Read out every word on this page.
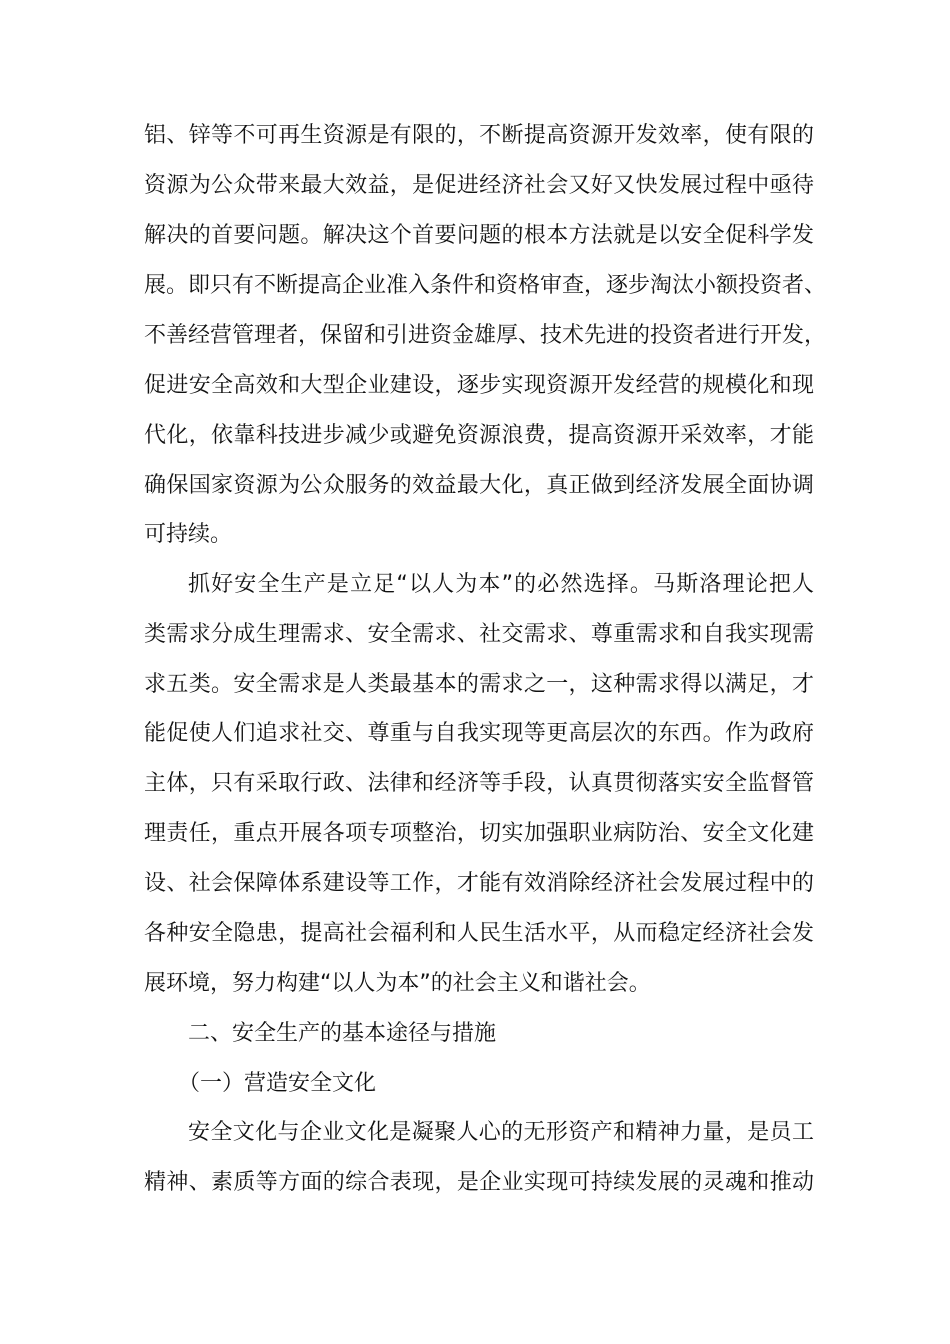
铝、锌等不可再生资源是有限的，不断提高资源开发效率，使有限的
资源为公众带来最大效益，是促进经济社会又好又快发展过程中亟待
解决的首要问题。解决这个首要问题的根本方法就是以安全促科学发
展。即只有不断提高企业准入条件和资格审查，逐步淘汰小额投资者、
不善经营管理者，保留和引进资金雄厚、技术先进的投资者进行开发，
促进安全高效和大型企业建设，逐步实现资源开发经营的规模化和现
代化，依靠科技进步减少或避免资源浪费，提高资源开采效率，才能
确保国家资源为公众服务的效益最大化，真正做到经济发展全面协调
可持续。
抓好安全生产是立足“以人为本”的必然选择。马斯洛理论把人
类需求分成生理需求、安全需求、社交需求、尊重需求和自我实现需
求五类。安全需求是人类最基本的需求之一，这种需求得以满足，才
能促使人们追求社交、尊重与自我实现等更高层次的东西。作为政府
主体，只有采取行政、法律和经济等手段，认真贯彻落实安全监督管
理责任，重点开展各项专项整治，切实加强职业病防治、安全文化建
设、社会保障体系建设等工作，才能有效消除经济社会发展过程中的
各种安全隐患，提高社会福利和人民生活水平，从而稳定经济社会发
展环境，努力构建“以人为本”的社会主义和谐社会。
二、安全生产的基本途径与措施
（一）营造安全文化
安全文化与企业文化是凝聚人心的无形资产和精神力量，是员工
精神、素质等方面的综合表现，是企业实现可持续发展的灵魂和推动
